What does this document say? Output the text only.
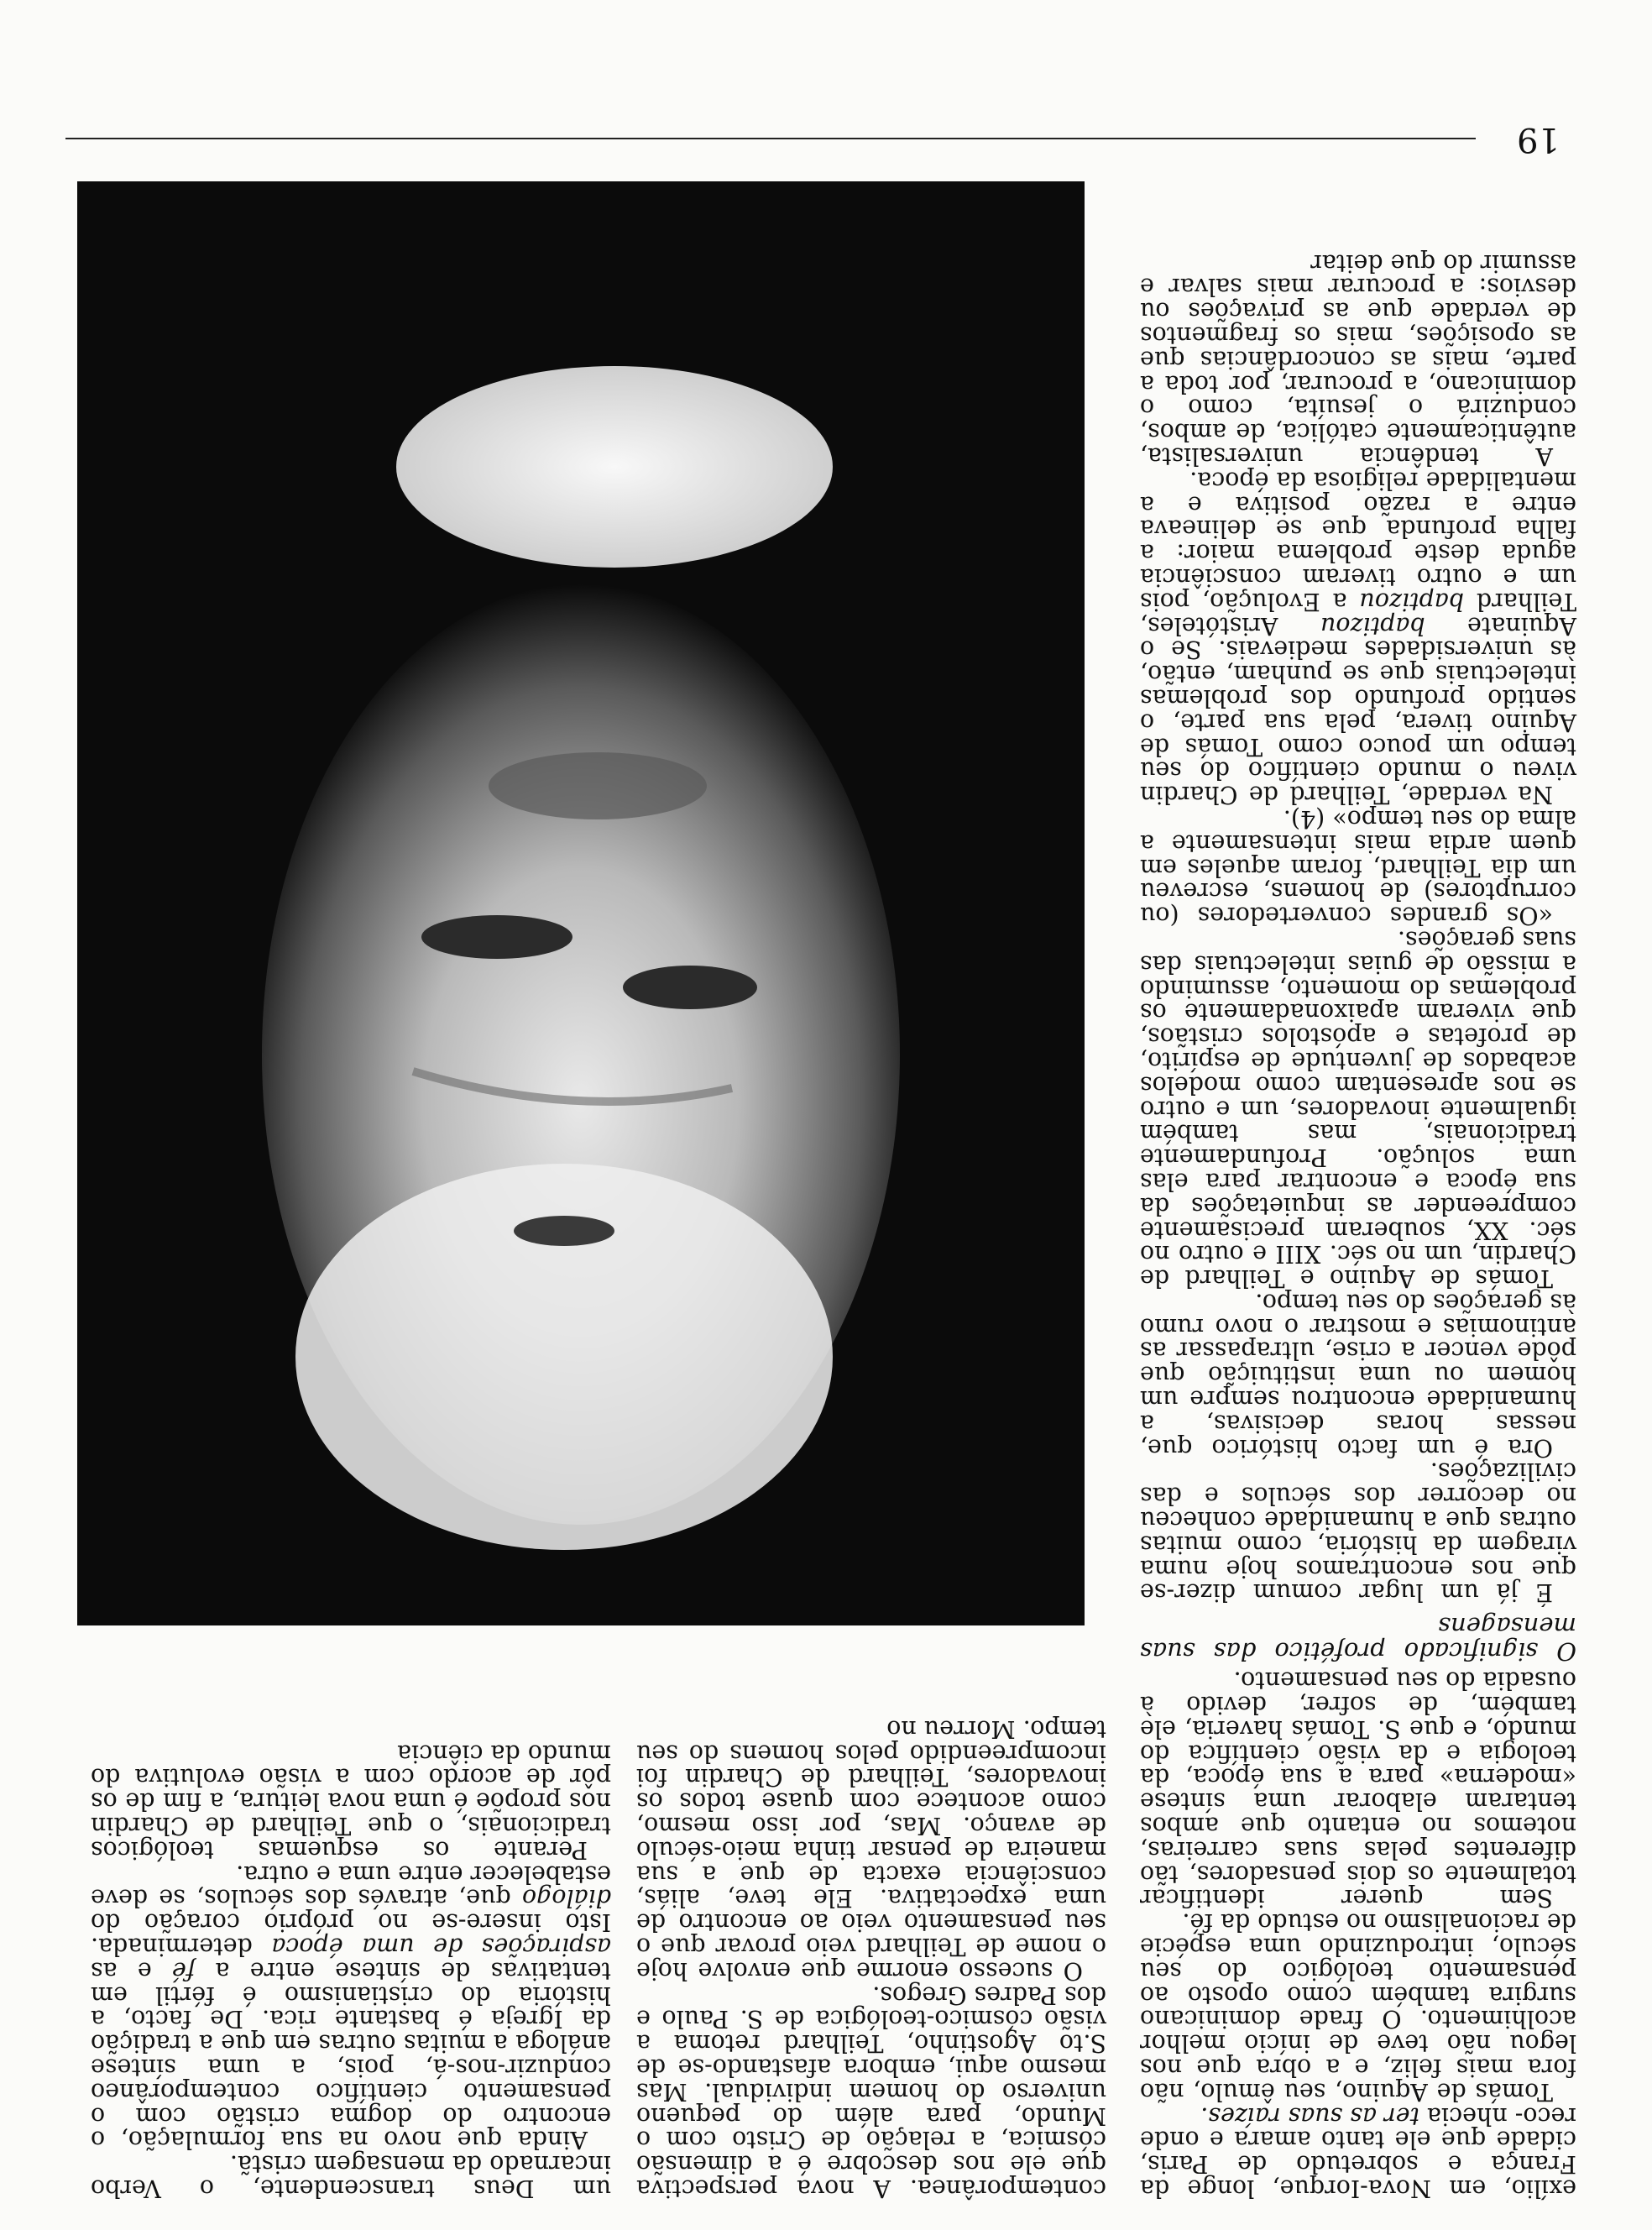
19

um Deus transcendente, o Verbo incarnado da mensagem cristã.

Ainda que novo na sua formulação, o encontro do dogma cristão com o pensamento científico contemporâneo conduzir-nos-á, pois, a uma síntese análoga a muitas outras em que a tradição da Igreja é bastante rica. De facto, a história do cristianismo é fértil em tentativas de síntese entre a fé e as aspirações de uma época determinada. Isto insere-se no próprio coração do diálogo que, através dos séculos, se deve estabelecer entre uma e outra.

Perante os esquemas teológicos tradicionais, o que Teilhard de Chardin nos propõe é uma nova leitura, a fim de os pôr de acordo com a visão evolutiva do mundo da ciência

contemporânea. A nova perspectiva que ele nos descobre é a dimensão cósmica, a relação de Cristo com o Mundo, para além do pequeno universo do homem individual. Mas mesmo aqui, embora afastando-se de S.to Agostinho, Teilhard retoma a visão cósmico-teológica de S. Paulo e dos Padres Gregos.

O sucesso enorme que envolve hoje o nome de Teilhard veio provar que o seu pensamento veio ao encontro de uma expectativa. Ele teve, aliás, consciência exacta de que a sua maneira de pensar tinha meio-século de avanço. Mas, por isso mesmo, como acontece com quase todos os inovadores, Teilhard de Chardin foi incompreendido pelos homens do seu tempo. Morreu no

exílio, em Nova-Iorque, longe da França e sobretudo de Paris, cidade que ele tanto amara e onde reco- nhecia ter as suas raízes.

Tomás de Aquino, seu êmulo, não fora mais feliz, e a obra que nos legou não teve de início melhor acolhimento. O frade dominicano surgira também como oposto ao pensamento teológico do seu século, introduzindo uma espécie de racionalismo no estudo da fé.

Sem querer identificar totalmente os dois pensadores, tão diferentes pelas suas carreiras, notemos no entanto que ambos tentaram elaborar uma síntese «moderna» para a sua época, da teologia e da visão científica do mundo, e que S. Tomás haveria, ele também, de sofrer, devido à ousadia do seu pensamento.

O significado profético das suas mensagens

É já um lugar comum dizer-se que nos encontramos hoje numa viragem da história, como muitas outras que a humanidade conheceu no decorrer dos séculos e das civilizações.

Ora é um facto histórico que, nessas horas decisivas, a humanidade encontrou sempre um homem ou uma instituição que pôde vencer a crise, ultrapassar as antinomias e mostrar o novo rumo às gerações do seu tempo.

Tomás de Aquino e Teilhard de Chardin, um no séc. XIII e outro no séc. XX, souberam precisamente compreender as inquietações da sua época e encontrar para elas uma solução. Profundamente tradicionais, mas também igualmente inovadores, um e outro se nos apresentam como modelos acabados de juventude de espírito, de profetas e apóstolos cristãos, que viveram apaixonadamente os problemas do momento, assumindo a missão de guias intelectuais das suas gerações.

«Os grandes convertedores (ou corruptores) de homens, escreveu um dia Teilhard, foram aqueles em quem ardia mais intensamente a alma do seu tempo» (4).

Na verdade, Teilhard de Chardin viveu o mundo científico do seu tempo um pouco como Tomás de Aquino tivera, pela sua parte, o sentido profundo dos problemas intelectuais que se punham, então, às universidades medievais. Se o Aquinate baptizou Aristóteles, Teilhard baptizou a Evolução, pois um e outro tiveram consciência aguda deste problema maior: a falha profunda que se delineava entre a razão positiva e a mentalidade religiosa da época.

A tendência universalista, autênticamente católica, de ambos, conduzirá o jesuíta, como o dominicano, a procurar, por toda a parte, mais as concordâncias que as oposições, mais os fragmentos de verdade que as privações ou desvios: a procurar mais salvar e assumir do que deitar
